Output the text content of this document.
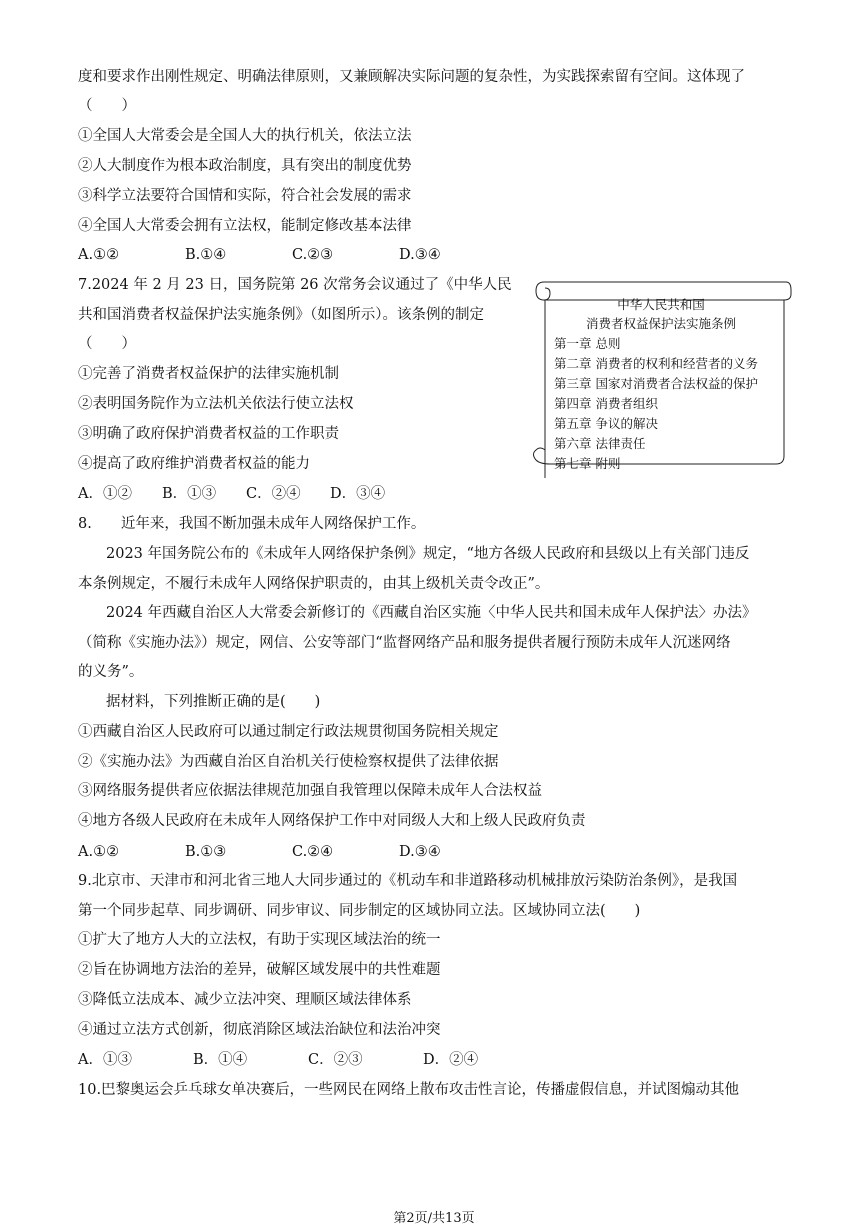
度和要求作出刚性规定、明确法律原则，又兼顾解决实际问题的复杂性，为实践探索留有空间。这体现了
（　　）
①全国人大常委会是全国人大的执行机关，依法立法
②人大制度作为根本政治制度，具有突出的制度优势
③科学立法要符合国情和实际，符合社会发展的需求
④全国人大常委会拥有立法权，能制定修改基本法律
A.①②	B.①④	C.②③	D.③④
7.2024 年 2 月 23 日，国务院第 26 次常务会议通过了《中华人民
共和国消费者权益保护法实施条例》（如图所示）。该条例的制定
（　　）
①完善了消费者权益保护的法律实施机制
②表明国务院作为立法机关依法行使立法权
③明确了政府保护消费者权益的工作职责
④提高了政府维护消费者权益的能力
A．①② B．①③ C．②④ D．③④
中华人民共和国
消费者权益保护法实施条例
第一章 总则
第二章 消费者的权利和经营者的义务
第三章 国家对消费者合法权益的保护
第四章 消费者组织
第五章 争议的解决
第六章 法律责任
第七章 附则
8.　　近年来，我国不断加强未成年人网络保护工作。
2023 年国务院公布的《未成年人网络保护条例》规定，“地方各级人民政府和县级以上有关部门违反
本条例规定，不履行未成年人网络保护职责的，由其上级机关责令改正”。
2024 年西藏自治区人大常委会新修订的《西藏自治区实施〈中华人民共和国未成年人保护法〉办法》
（简称《实施办法》）规定，网信、公安等部门“监督网络产品和服务提供者履行预防未成年人沉迷网络
的义务”。
据材料，下列推断正确的是(　　)
①西藏自治区人民政府可以通过制定行政法规贯彻国务院相关规定
②《实施办法》为西藏自治区自治机关行使检察权提供了法律依据
③网络服务提供者应依据法律规范加强自我管理以保障未成年人合法权益
④地方各级人民政府在未成年人网络保护工作中对同级人大和上级人民政府负责
A.①②	B.①③	C.②④	D.③④
9.北京市、天津市和河北省三地人大同步通过的《机动车和非道路移动机械排放污染防治条例》，是我国
第一个同步起草、同步调研、同步审议、同步制定的区域协同立法。区域协同立法(　　)
①扩大了地方人大的立法权，有助于实现区域法治的统一
②旨在协调地方法治的差异，破解区域发展中的共性难题
③降低立法成本、减少立法冲突、理顺区域法律体系
④通过立法方式创新，彻底消除区域法治缺位和法治冲突
A．①③	B．①④	C．②③	D．②④
10.巴黎奥运会乒乓球女单决赛后，一些网民在网络上散布攻击性言论，传播虚假信息，并试图煽动其他
第2页/共13页
